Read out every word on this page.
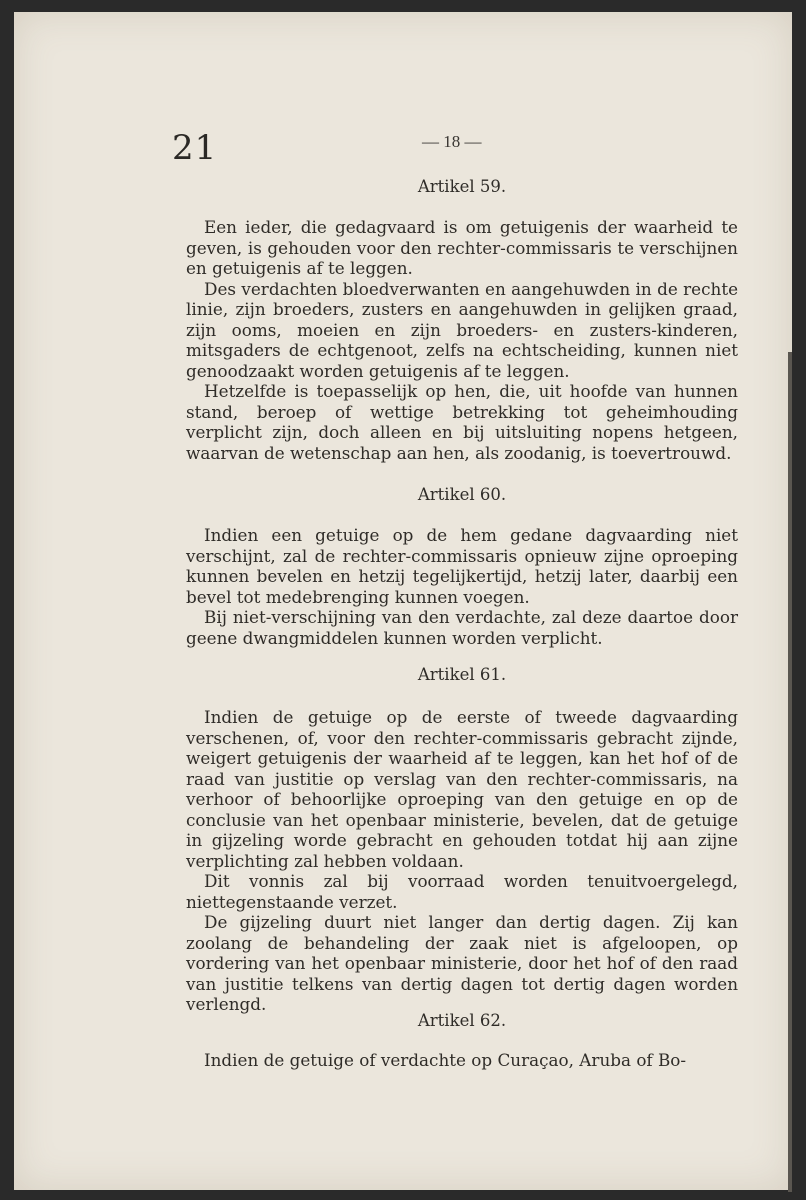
21	— 18 —
Artikel 59.

Een ieder, die gedagvaard is om getuigenis der waarheid te geven, is gehouden voor den rechter-commissaris te verschijnen en getuigenis af te leggen.

Des verdachten bloedverwanten en aangehuwden in de rechte linie, zijn broeders, zusters en aangehuwden in gelijken graad, zijn ooms, moeien en zijn broeders- en zusters-kinderen, mitsgaders de echtgenoot, zelfs na echtscheiding, kunnen niet genoodzaakt worden getuigenis af te leggen.

Hetzelfde is toepasselijk op hen, die, uit hoofde van hunnen stand, beroep of wettige betrekking tot geheimhouding verplicht zijn, doch alleen en bij uitsluiting nopens hetgeen, waarvan de wetenschap aan hen, als zoodanig, is toevertrouwd.

Artikel 60.

Indien een getuige op de hem gedane dagvaarding niet verschijnt, zal de rechter-commissaris opnieuw zijne oproeping kunnen bevelen en hetzij tegelijkertijd, hetzij later, daarbij een bevel tot medebrenging kunnen voegen.

Bij niet-verschijning van den verdachte, zal deze daartoe door geene dwangmiddelen kunnen worden verplicht.

Artikel 61.

Indien de getuige op de eerste of tweede dagvaarding verschenen, of, voor den rechter-commissaris gebracht zijnde, weigert getuigenis der waarheid af te leggen, kan het hof of de raad van justitie op verslag van den rechter-commissaris, na verhoor of behoorlijke oproeping van den getuige en op de conclusie van het openbaar ministerie, bevelen, dat de getuige in gijzeling worde gebracht en gehouden totdat hij aan zijne verplichting zal hebben voldaan.

Dit vonnis zal bij voorraad worden tenuitvoergelegd, niettegenstaande verzet.

De gijzeling duurt niet langer dan dertig dagen. Zij kan zoolang de behandeling der zaak niet is afgeloopen, op vordering van het openbaar ministerie, door het hof of den raad van justitie telkens van dertig dagen tot dertig dagen worden verlengd.

Artikel 62.

Indien de getuige of verdachte op Curaçao, Aruba of Bo-
